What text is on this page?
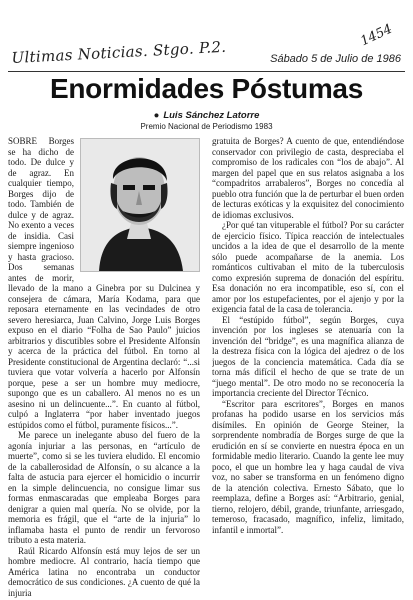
Ultimas Noticias. Stgo. P.2.	Sábado 5 de Julio de 1986
1454
Enormidades Póstumas
● Luis Sánchez Latorre
Premio Nacional de Periodismo 1983

SOBRE Borges se ha dicho de todo. De dulce y de agraz. En cualquier tiempo, Borges dijo de todo. También de dulce y de agraz. No exento a veces de insidia. Casi siempre ingenioso y hasta gracioso. Dos semanas antes de morir, llevado de la mano a Ginebra por su Dulcinea y consejera de cámara, María Kodama, para que reposara eternamente en las vecindades de otro severo heresiarca, Juan Calvino, Jorge Luis Borges expuso en el diario “Folha de Sao Paulo” juicios arbitrarios y discutibles sobre el Presidente Alfonsín y acerca de la práctica del fútbol. En torno al Presidente constitucional de Argentina declaró: “...si tuviera que votar volvería a hacerlo por Alfonsín porque, pese a ser un hombre muy mediocre, supongo que es un caballero. Al menos no es un asesino ni un delincuente...”. En cuanto al fútbol, culpó a Inglaterra “por haber inventado juegos estúpidos como el fútbol, puramente físicos...”.

Me parece un inelegante abuso del fuero de la agonía injuriar a las personas, en “artículo de muerte”, como si se les tuviera eludido. El encomio de la caballerosidad de Alfonsín, o su alcance a la falta de astucia para ejercer el homicidio o incurrir en la simple delincuencia, no consigue limar sus formas enmascaradas que empleaba Borges para denigrar a quien mal quería. No se olvide, por la memoria es frágil, que el “arte de la injuria” lo inflamaba hasta el punto de rendir un fervoroso tributo a esta materia.

Raúl Ricardo Alfonsín está muy lejos de ser un hombre mediocre. Al contrario, hacía tiempo que América latina no encontraba un conductor democrático de sus condiciones. ¿A cuento de qué la injuria

gratuita de Borges? A cuento de que, entendiéndose conservador con privilegio de casta, despreciaba el compromiso de los radicales con “los de abajo”. Al margen del papel que en sus relatos asignaba a los “compadritos arrabaleros”, Borges no concedía al pueblo otra función que la de perturbar el buen orden de lecturas exóticas y la exquisitez del conocimiento de idiomas exclusivos.

¿Por qué tan vituperable el fútbol? Por su carácter de ejercicio físico. Típica reacción de intelectuales uncidos a la idea de que el desarrollo de la mente sólo puede acompañarse de la anemia. Los románticos cultivaban el mito de la tuberculosis como expresión suprema de donación del espíritu. Esa donación no era incompatible, eso sí, con el amor por los estupefacientes, por el ajenjo y por la exigencia fatal de la casa de tolerancia.

El “estúpido fútbol”, según Borges, cuya invención por los ingleses se atenuaría con la invención del “bridge”, es una magnífica alianza de la destreza física con la lógica del ajedrez o de los juegos de la conciencia matemática. Cada día se torna más difícil el hecho de que se trate de un “juego mental”. De otro modo no se reconocería la importancia creciente del Director Técnico.

“Escritor para escritores”, Borges en manos profanas ha podido usarse en los servicios más disímiles. En opinión de George Steiner, la sorprendente nombradía de Borges surge de que la erudición en sí se convierte en nuestra época en un formidable medio literario. Cuando la gente lee muy poco, el que un hombre lea y haga caudal de viva voz, no saber se transforma en un fenómeno digno de la atención colectiva. Ernesto Sábato, que lo reemplaza, define a Borges así: “Arbitrario, genial, tierno, relojero, débil, grande, triunfante, arriesgado, temeroso, fracasado, magnífico, infeliz, limitado, infantil e inmortal”.
